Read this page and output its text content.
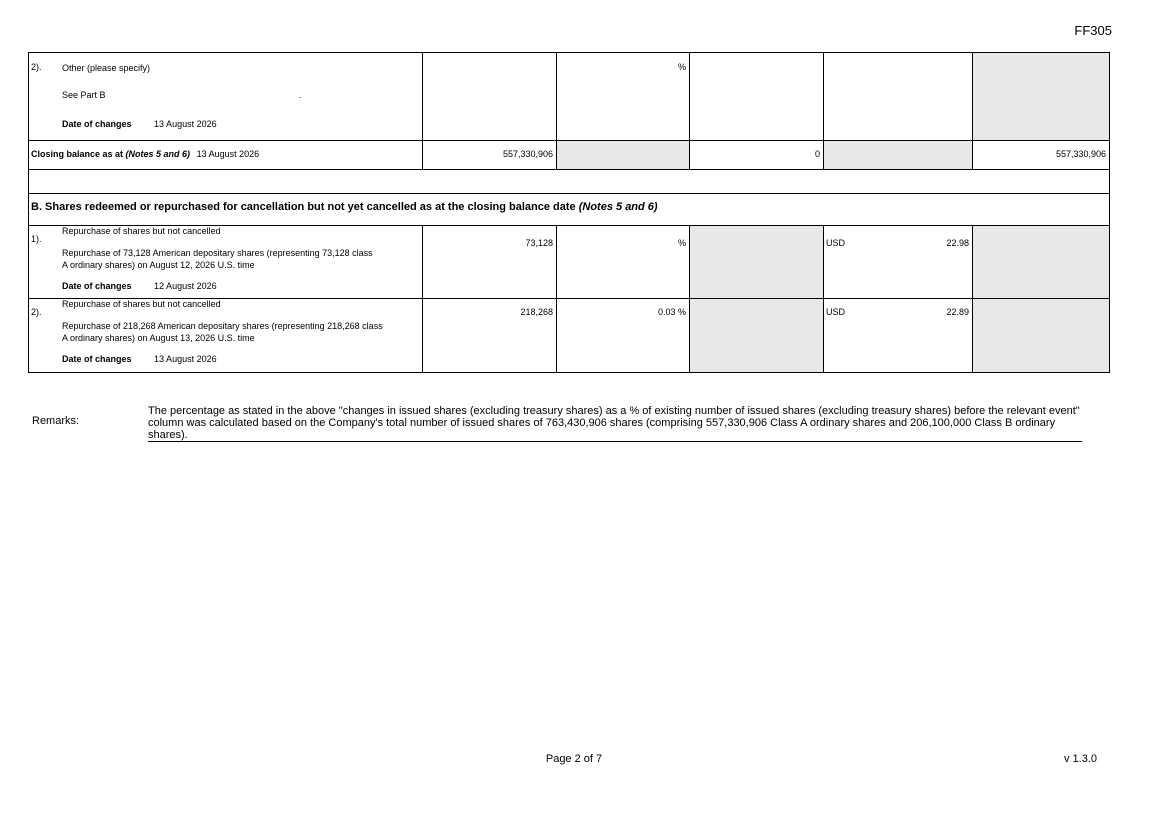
FF305
2). Other (please specify)
See Part B .
Date of changes 13 August 2026		%			
Closing balance as at (Notes 5 and 6) 13 August 2026	557,330,906		0		557,330,906

B. Shares redeemed or repurchased for cancellation but not yet cancelled as at the closing balance date (Notes 5 and 6)					

1).
Repurchase of shares but not cancelled
Repurchase of 73,128 American depositary shares (representing 73,128 class
A ordinary shares) on August 12, 2026 U.S. time
Date of changes 12 August 2026	73,128	%		USD 22.98	

2).
Repurchase of shares but not cancelled
Repurchase of 218,268 American depositary shares (representing 218,268 class
A ordinary shares) on August 13, 2026 U.S. time
Date of changes 13 August 2026	218,268	0.03 %		USD 22.89	

Remarks:
The percentage as stated in the above "changes in issued shares (excluding treasury shares) as a % of existing number of issued shares (excluding treasury shares) before the relevant event" column was calculated based on the Company's total number of issued shares of 763,430,906 shares (comprising 557,330,906 Class A ordinary shares and 206,100,000 Class B ordinary shares).
Page 2 of 7	v 1.3.0
